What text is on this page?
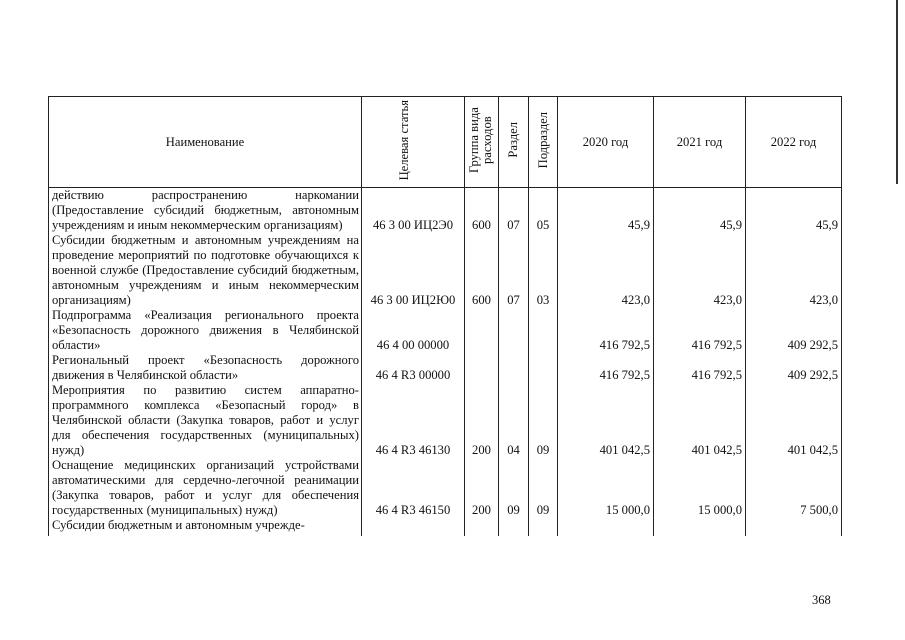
Наименование	Целевая статья	Группа вида расходов	Раздел	Подраздел	2020 год	2021 год	2022 год
действию распространению наркомании (Предоставление субсидий бюджетным, автономным учреждениям и иным некоммерческим организациям)	46 3 00 ИЦ2Э0	600	07	05	45,9	45,9	45,9
Субсидии бюджетным и автономным учреждениям на проведение мероприятий по подготовке обучающихся к военной службе (Предоставление субсидий бюджетным, автономным учреждениям и иным некоммерческим организациям)	46 3 00 ИЦ2Ю0	600	07	03	423,0	423,0	423,0
Подпрограмма «Реализация регионального проекта «Безопасность дорожного движения в Челябинской области»	46 4 00 00000				416 792,5	416 792,5	409 292,5
Региональный проект «Безопасность дорожного движения в Челябинской области»	46 4 R3 00000				416 792,5	416 792,5	409 292,5
Мероприятия по развитию систем аппаратно-программного комплекса «Безопасный город» в Челябинской области (Закупка товаров, работ и услуг для обеспечения государственных (муниципальных) нужд)	46 4 R3 46130	200	04	09	401 042,5	401 042,5	401 042,5
Оснащение медицинских организаций устройствами автоматическими для сердечно-легочной реанимации (Закупка товаров, работ и услуг для обеспечения государственных (муниципальных) нужд)	46 4 R3 46150	200	09	09	15 000,0	15 000,0	7 500,0
Субсидии бюджетным и автономным учрежде-							
368
